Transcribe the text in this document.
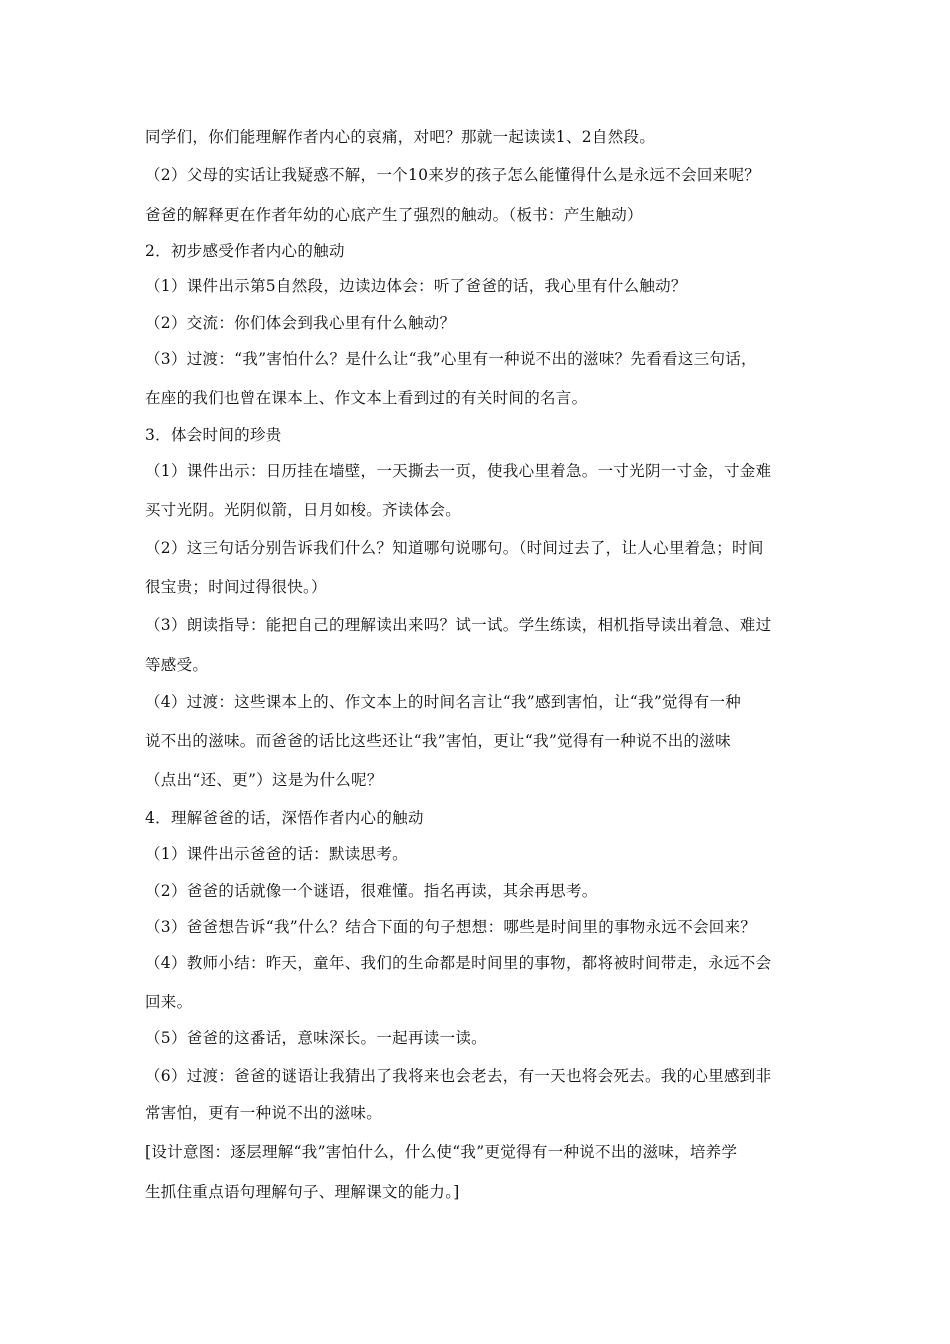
同学们，你们能理解作者内心的哀痛，对吧？那就一起读读1、2自然段。
（2）父母的实话让我疑惑不解，一个10来岁的孩子怎么能懂得什么是永远不会回来呢？
爸爸的解释更在作者年幼的心底产生了强烈的触动。（板书：产生触动）
2．初步感受作者内心的触动
（1）课件出示第5自然段，边读边体会：听了爸爸的话，我心里有什么触动？
（2）交流：你们体会到我心里有什么触动？
（3）过渡：“我”害怕什么？是什么让“我”心里有一种说不出的滋味？先看看这三句话，
在座的我们也曾在课本上、作文本上看到过的有关时间的名言。
3．体会时间的珍贵
（1）课件出示：日历挂在墙壁，一天撕去一页，使我心里着急。一寸光阴一寸金，寸金难
买寸光阴。光阴似箭，日月如梭。齐读体会。
（2）这三句话分别告诉我们什么？知道哪句说哪句。（时间过去了，让人心里着急；时间
很宝贵；时间过得很快。）
（3）朗读指导：能把自己的理解读出来吗？试一试。学生练读，相机指导读出着急、难过
等感受。
（4）过渡：这些课本上的、作文本上的时间名言让“我”感到害怕，让“我”觉得有一种
说不出的滋味。而爸爸的话比这些还让“我”害怕，更让“我”觉得有一种说不出的滋味
（点出“还、更”）这是为什么呢？
4．理解爸爸的话，深悟作者内心的触动
（1）课件出示爸爸的话：默读思考。
（2）爸爸的话就像一个谜语，很难懂。指名再读，其余再思考。
（3）爸爸想告诉“我”什么？结合下面的句子想想：哪些是时间里的事物永远不会回来？
（4）教师小结：昨天，童年、我们的生命都是时间里的事物，都将被时间带走，永远不会
回来。
（5）爸爸的这番话，意味深长。一起再读一读。
（6）过渡：爸爸的谜语让我猜出了我将来也会老去，有一天也将会死去。我的心里感到非
常害怕，更有一种说不出的滋味。
[设计意图：逐层理解“我”害怕什么，什么使“我”更觉得有一种说不出的滋味，培养学
生抓住重点语句理解句子、理解课文的能力。]
